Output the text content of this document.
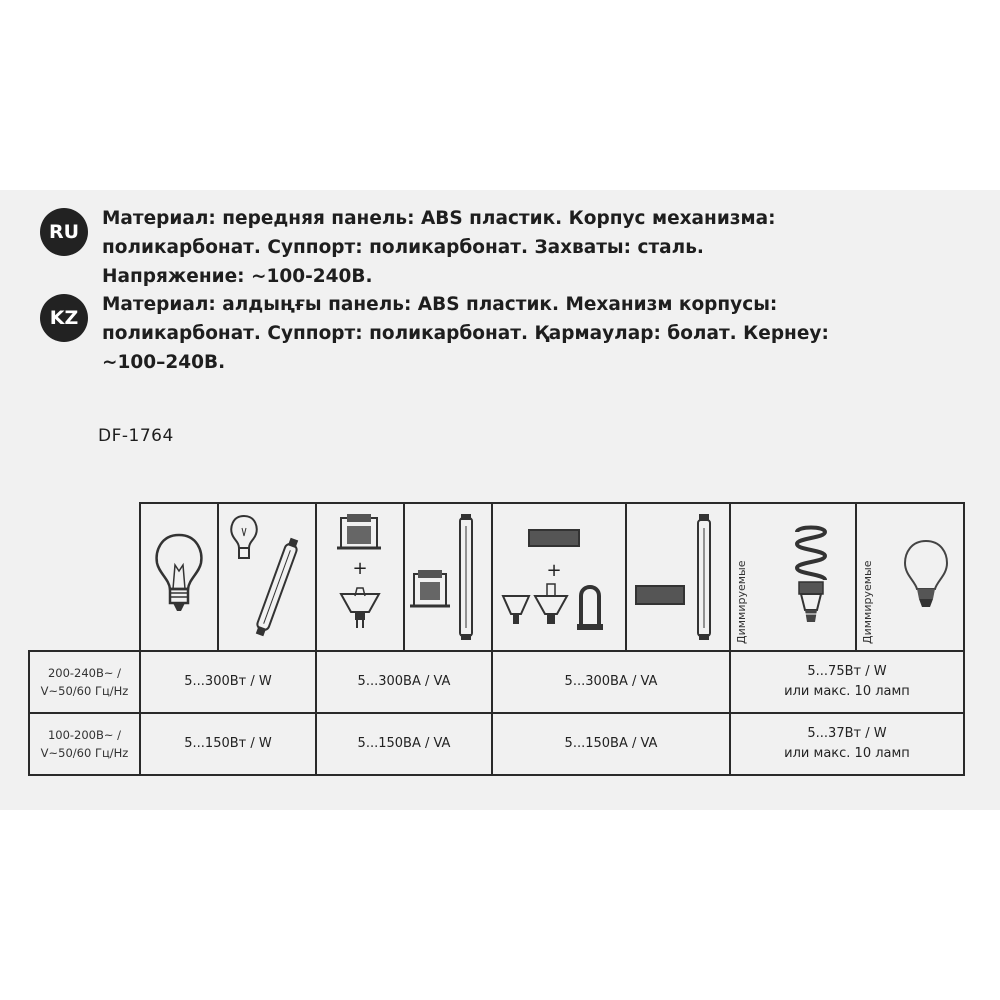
RU
Материал: передняя панель: ABS пластик. Корпус механизма:
поликарбонат. Суппорт: поликарбонат. Захваты: сталь.
Напряжение: ~100-240В.
KZ
Материал: алдыңғы панель: ABS пластик. Механизм корпусы:
поликарбонат. Суппорт: поликарбонат. Қармаулар: болат. Кернеу:
~100–240В.
DF-1764

+		+		Диммируемые	Диммируемые

200-240В~ /
V~50/60 Гц/Hz	5...300Вт / W		5...300ВА / VA		5...300ВА / VA		5...75Вт / W
или макс. 10 ламп	
100-200В~ /
V~50/60 Гц/Hz	5...150Вт / W		5...150ВА / VA		5...150ВА / VA		5...37Вт / W
или макс. 10 ламп	
